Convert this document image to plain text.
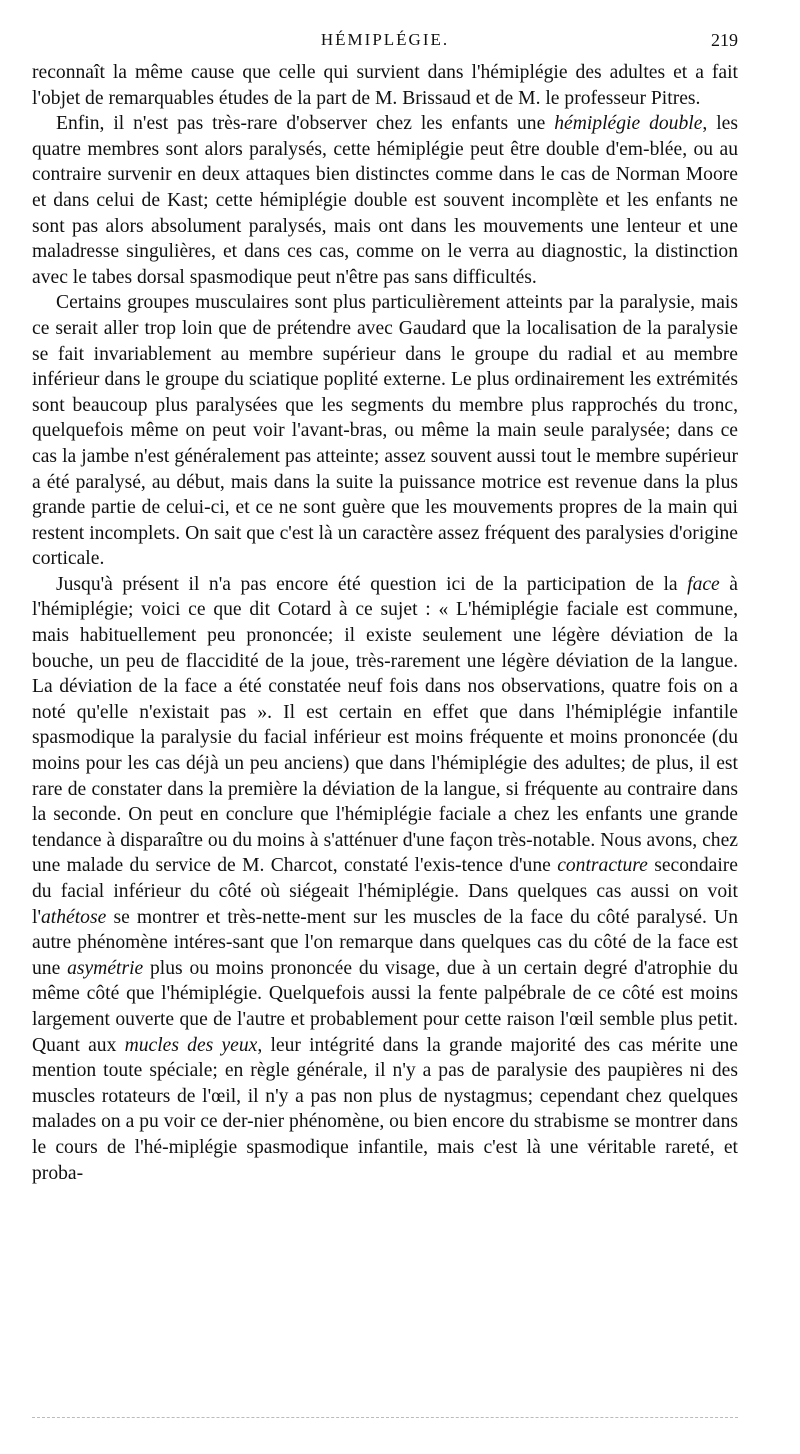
HÉMIPLÉGIE.	219

reconnaît la même cause que celle qui survient dans l'hémiplégie des adultes et a fait l'objet de remarquables études de la part de M. Brissaud et de M. le professeur Pitres.

Enfin, il n'est pas très-rare d'observer chez les enfants une hémiplégie double, les quatre membres sont alors paralysés, cette hémiplégie peut être double d'em-blée, ou au contraire survenir en deux attaques bien distinctes comme dans le cas de Norman Moore et dans celui de Kast; cette hémiplégie double est souvent incomplète et les enfants ne sont pas alors absolument paralysés, mais ont dans les mouvements une lenteur et une maladresse singulières, et dans ces cas, comme on le verra au diagnostic, la distinction avec le tabes dorsal spasmodique peut n'être pas sans difficultés.

Certains groupes musculaires sont plus particulièrement atteints par la paralysie, mais ce serait aller trop loin que de prétendre avec Gaudard que la localisation de la paralysie se fait invariablement au membre supérieur dans le groupe du radial et au membre inférieur dans le groupe du sciatique poplité externe. Le plus ordinairement les extrémités sont beaucoup plus paralysées que les segments du membre plus rapprochés du tronc, quelquefois même on peut voir l'avant-bras, ou même la main seule paralysée; dans ce cas la jambe n'est généralement pas atteinte; assez souvent aussi tout le membre supérieur a été paralysé, au début, mais dans la suite la puissance motrice est revenue dans la plus grande partie de celui-ci, et ce ne sont guère que les mouvements propres de la main qui restent incomplets. On sait que c'est là un caractère assez fréquent des paralysies d'origine corticale.

Jusqu'à présent il n'a pas encore été question ici de la participation de la face à l'hémiplégie; voici ce que dit Cotard à ce sujet : « L'hémiplégie faciale est commune, mais habituellement peu prononcée; il existe seulement une légère déviation de la bouche, un peu de flaccidité de la joue, très-rarement une légère déviation de la langue. La déviation de la face a été constatée neuf fois dans nos observations, quatre fois on a noté qu'elle n'existait pas ». Il est certain en effet que dans l'hémiplégie infantile spasmodique la paralysie du facial inférieur est moins fréquente et moins prononcée (du moins pour les cas déjà un peu anciens) que dans l'hémiplégie des adultes; de plus, il est rare de constater dans la première la déviation de la langue, si fréquente au contraire dans la seconde. On peut en conclure que l'hémiplégie faciale a chez les enfants une grande tendance à disparaître ou du moins à s'atténuer d'une façon très-notable. Nous avons, chez une malade du service de M. Charcot, constaté l'exis-tence d'une contracture secondaire du facial inférieur du côté où siégeait l'hémiplégie. Dans quelques cas aussi on voit l'athétose se montrer et très-nette-ment sur les muscles de la face du côté paralysé. Un autre phénomène intéres-sant que l'on remarque dans quelques cas du côté de la face est une asymétrie plus ou moins prononcée du visage, due à un certain degré d'atrophie du même côté que l'hémiplégie. Quelquefois aussi la fente palpébrale de ce côté est moins largement ouverte que de l'autre et probablement pour cette raison l'œil semble plus petit. Quant aux mucles des yeux, leur intégrité dans la grande majorité des cas mérite une mention toute spéciale; en règle générale, il n'y a pas de paralysie des paupières ni des muscles rotateurs de l'œil, il n'y a pas non plus de nystagmus; cependant chez quelques malades on a pu voir ce der-nier phénomène, ou bien encore du strabisme se montrer dans le cours de l'hé-miplégie spasmodique infantile, mais c'est là une véritable rareté, et proba-
